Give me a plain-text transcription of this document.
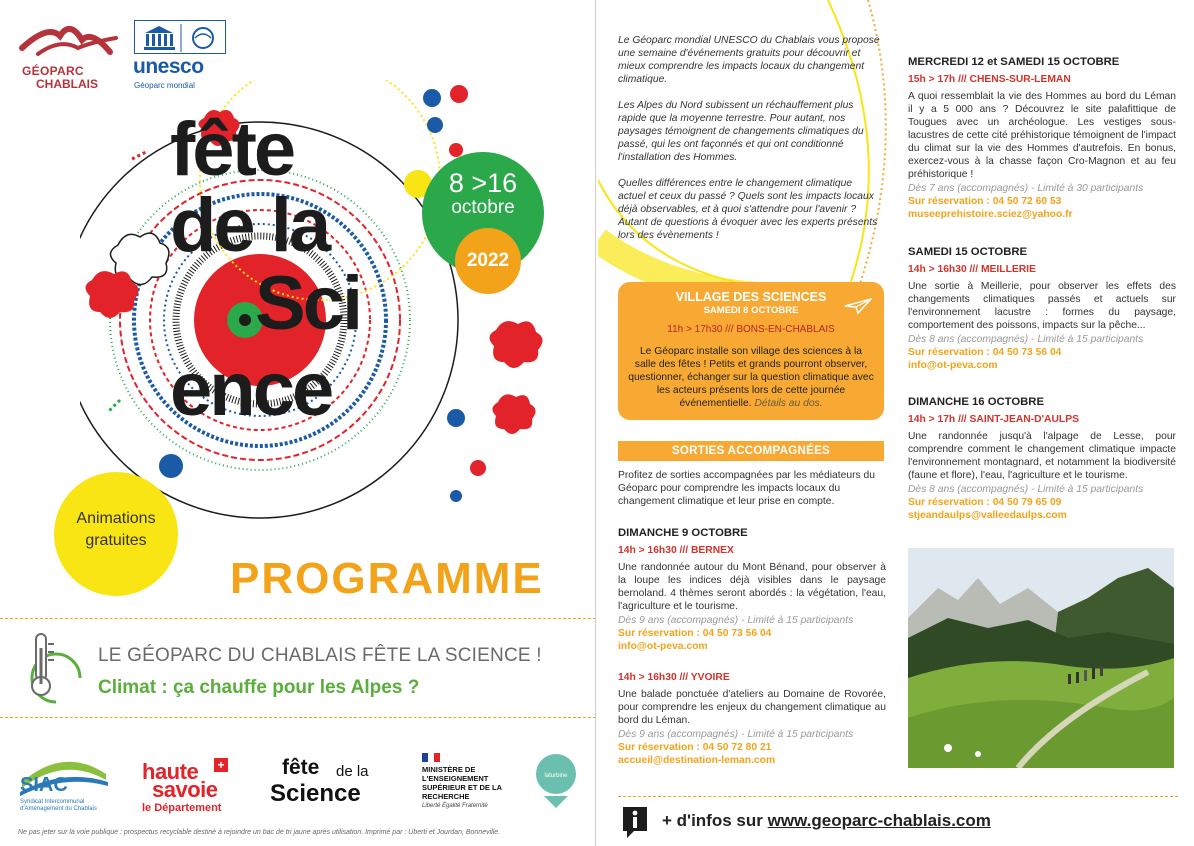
GÉOPARC
CHABLAIS
unesco
Géoparc mondial
fête
de la
Sci
ence
8 >16
octobre
2022
Animations
gratuites
PROGRAMME
LE GÉOPARC DU CHABLAIS FÊTE LA SCIENCE !
Climat : ça chauffe pour les Alpes ?
SIAC
Syndicat Intercommunal d'Aménagement du Chablais
haute +
savoie
le Département
fête de la
Science
MINISTÈRE DE L'ENSEIGNEMENT SUPÉRIEUR ET DE LA RECHERCHE
Liberté Égalité Fraternité
laturbine
Ne pas jeter sur la voie publique : prospectus recyclable destiné à rejoindre un bac de tri jaune après utilisation. Imprimé par : Uberti et Jourdan, Bonneville.

Le Géoparc mondial UNESCO du Chablais vous propose une semaine d'événements gratuits pour découvrir et mieux comprendre les impacts locaux du changement climatique.

Les Alpes du Nord subissent un réchauffement plus rapide que la moyenne terrestre. Pour autant, nos paysages témoignent de changements climatiques du passé, qui les ont façonnés et qui ont conditionné l'installation des Hommes.

Quelles différences entre le changement climatique actuel et ceux du passé ? Quels sont les impacts locaux déjà observables, et à quoi s'attendre pour l'avenir ? Autant de questions à évoquer avec les experts présents lors des évènements !

VILLAGE DES SCIENCES
SAMEDI 8 OCTOBRE
11h > 17h30 /// BONS-EN-CHABLAIS
Le Géoparc installe son village des sciences à la salle des fêtes ! Petits et grands pourront observer, questionner, échanger sur la question climatique avec les acteurs présents lors de cette journée événementielle. Détails au dos.
SORTIES ACCOMPAGNÉES
Profitez de sorties accompagnées par les médiateurs du Géoparc pour comprendre les impacts locaux du changement climatique et leur prise en compte.
DIMANCHE 9 OCTOBRE
14h > 16h30 /// BERNEX
Une randonnée autour du Mont Bénand, pour observer à la loupe les indices déjà visibles dans le paysage bernoland. 4 thèmes seront abordés : la végétation, l'eau, l'agriculture et le tourisme.
Dès 9 ans (accompagnés) - Limité à 15 participants
Sur réservation : 04 50 73 56 04
info@ot-peva.com
14h > 16h30 /// YVOIRE
Une balade ponctuée d'ateliers au Domaine de Rovorée, pour comprendre les enjeux du changement climatique au bord du Léman.
Dès 9 ans (accompagnés) - Limité à 15 participants
Sur réservation : 04 50 72 80 21
accueil@destination-leman.com
MERCREDI 12 et SAMEDI 15 OCTOBRE
15h > 17h /// CHENS-SUR-LEMAN
A quoi ressemblait la vie des Hommes au bord du Léman il y a 5 000 ans ? Découvrez le site palafittique de Tougues avec un archéologue. Les vestiges sous-lacustres de cette cité préhistorique témoignent de l'impact du climat sur la vie des Hommes d'autrefois. En bonus, exercez-vous à la chasse façon Cro-Magnon et au feu préhistorique !
Dès 7 ans (accompagnés) - Limité à 30 participants
Sur réservation : 04 50 72 60 53
museeprehistoire.sciez@yahoo.fr
SAMEDI 15 OCTOBRE
14h > 16h30 /// MEILLERIE
Une sortie à Meillerie, pour observer les effets des changements climatiques passés et actuels sur l'environnement lacustre : formes du paysage, comportement des poissons, impacts sur la pêche...
Dès 8 ans (accompagnés) - Limité à 15 participants
Sur réservation : 04 50 73 56 04
info@ot-peva.com
DIMANCHE 16 OCTOBRE
14h > 17h /// SAINT-JEAN-D'AULPS
Une randonnée jusqu'à l'alpage de Lesse, pour comprendre comment le changement climatique impacte l'environnement montagnard, et notamment la biodiversité (faune et flore), l'eau, l'agriculture et le tourisme.
Dès 8 ans (accompagnés) - Limité à 15 participants
Sur réservation : 04 50 79 65 09
stjeandaulps@valleedaulps.com
+ d'infos sur www.geoparc-chablais.com
